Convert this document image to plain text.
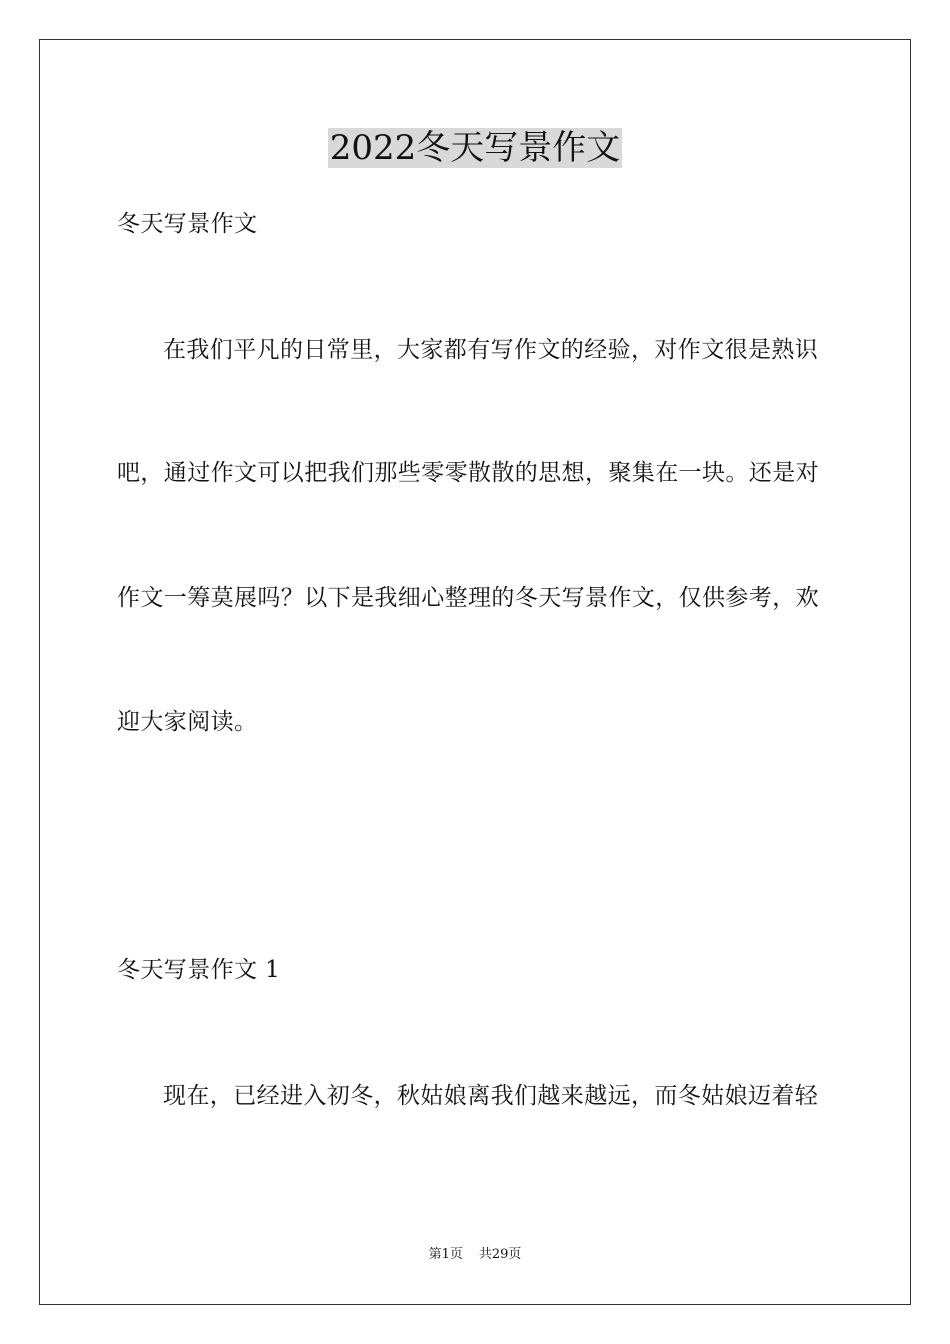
2022冬天写景作文
冬天写景作文
在我们平凡的日常里，大家都有写作文的经验，对作文很是熟识
吧，通过作文可以把我们那些零零散散的思想，聚集在一块。还是对
作文一筹莫展吗？以下是我细心整理的冬天写景作文，仅供参考，欢
迎大家阅读。
冬天写景作文 1
现在，已经进入初冬，秋姑娘离我们越来越远，而冬姑娘迈着轻
第1页 共29页
